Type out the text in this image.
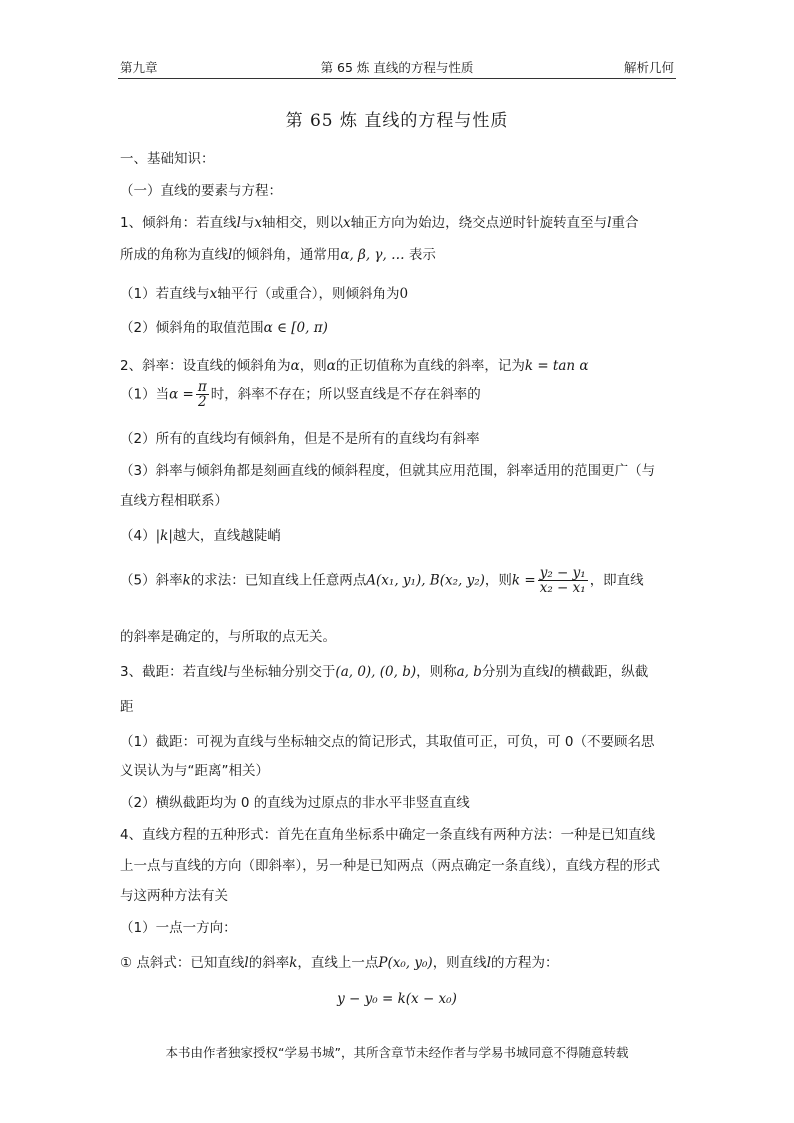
第九章	第 65 炼 直线的方程与性质	解析几何
第 65 炼 直线的方程与性质
一、基础知识：
（一）直线的要素与方程：
1、倾斜角：若直线l与x轴相交，则以x轴正方向为始边，绕交点逆时针旋转直至与l重合
所成的角称为直线l的倾斜角，通常用α, β, γ, … 表示
（1）若直线与x轴平行（或重合），则倾斜角为0
（2）倾斜角的取值范围α ∈ [0, π)
2、斜率：设直线的倾斜角为α，则α的正切值称为直线的斜率，记为k = tan α
（1）当$\alpha = \frac{\pi}{2}$ 时，斜率不存在；所以竖直线是不存在斜率的
（2）所有的直线均有倾斜角，但是不是所有的直线均有斜率
（3）斜率与倾斜角都是刻画直线的倾斜程度，但就其应用范围，斜率适用的范围更广（与
直线方程相联系）
（4）|k|越大，直线越陡峭
（5）斜率k的求法：已知直线上任意两点A(x₁, y₁), B(x₂, y₂)，则$k = \frac{\text{y₂ − y₁}}{\text{x₂ − x₁}}$ ，即直线
的斜率是确定的，与所取的点无关。
3、截距：若直线l与坐标轴分别交于(a, 0), (0, b)，则称a, b分别为直线l的横截距，纵截
距
（1）截距：可视为直线与坐标轴交点的简记形式，其取值可正，可负，可 0（不要顾名思
义误认为与“距离”相关）
（2）横纵截距均为 0 的直线为过原点的非水平非竖直直线
4、直线方程的五种形式：首先在直角坐标系中确定一条直线有两种方法：一种是已知直线
上一点与直线的方向（即斜率），另一种是已知两点（两点确定一条直线），直线方程的形式
与这两种方法有关
（1）一点一方向：
① 点斜式：已知直线l的斜率k，直线上一点P(x₀, y₀)，则直线l的方程为：
y − y₀ = k(x − x₀)
本书由作者独家授权“学易书城”，其所含章节未经作者与学易书城同意不得随意转载
